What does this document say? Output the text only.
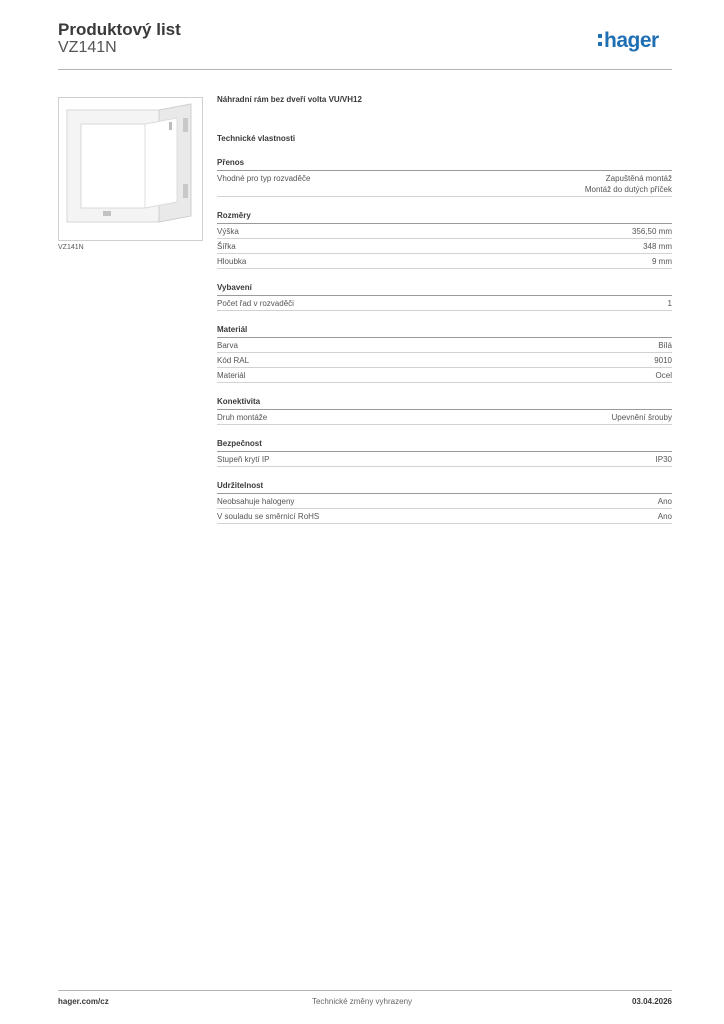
Produktový list
VZ141N	hager
VZ141N
Náhradní rám bez dveří volta VU/VH12
Technické vlastnosti
Přenos
Vhodné pro typ rozvaděče	Zapuštěná montáž
Montáž do dutých příček
Rozměry
Výška	356,50 mm
Šířka	348 mm
Hloubka	9 mm
Vybavení
Počet řad v rozvaděči	1
Materiál
Barva	Bílá
Kód RAL	9010
Materiál	Ocel
Konektivita
Druh montáže	Upevnění šrouby
Bezpečnost
Stupeň krytí IP	IP30
Udržitelnost
Neobsahuje halogeny	Ano
V souladu se směrnicí RoHS	Ano
hager.com/cz	Technické změny vyhrazeny	03.04.2026
